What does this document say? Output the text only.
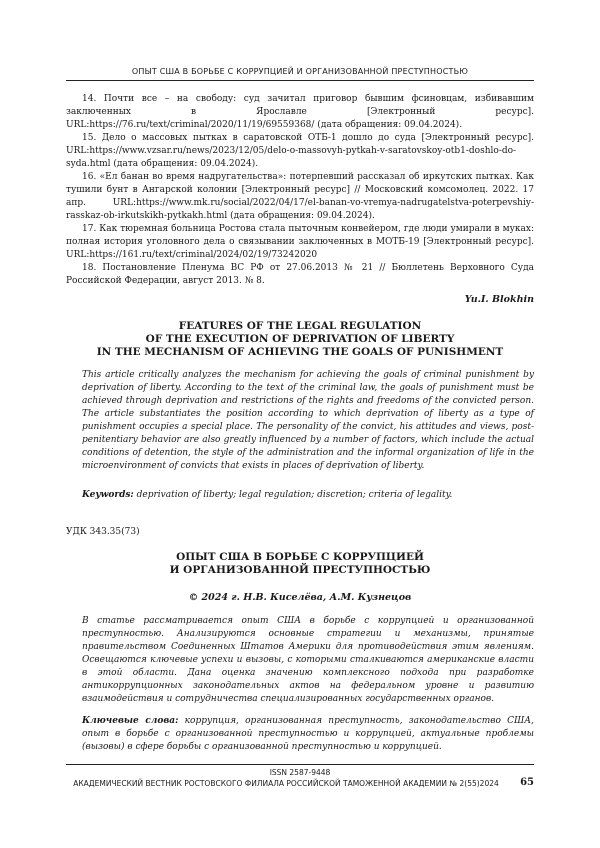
ОПЫТ США В БОРЬБЕ С КОРРУПЦИЕЙ И ОРГАНИЗОВАННОЙ ПРЕСТУПНОСТЬЮ

14. Почти все – на свободу: суд зачитал приговор бывшим фсиновцам, избивавшим заключенных в Ярославле [Электронный ресурс]. URL:https://76.ru/text/criminal/2020/11/19/69559368/ (дата обращения: 09.04.2024).

15. Дело о массовых пытках в саратовской ОТБ-1 дошло до суда [Электронный ресурс]. URL:https://www.vzsar.ru/news/2023/12/05/delo-o-massovyh-pytkah-v-saratovskoy-otb1-doshlo-do-syda.html (дата обращения: 09.04.2024).

16. «Ел банан во время надругательства»: потерпевший рассказал об иркутских пытках. Как тушили бунт в Ангарской колонии [Электронный ресурс] // Московский комсомолец. 2022. 17 апр. URL:https://www.mk.ru/social/2022/04/17/el-banan-vo-vremya-nadrugatelstva-poterpevshiy-rasskaz-ob-irkutskikh-pytkakh.html (дата обращения: 09.04.2024).

17. Как тюремная больница Ростова стала пыточным конвейером, где люди умирали в муках: полная история уголовного дела о связывании заключенных в МОТБ-19 [Электронный ресурс]. URL:https://161.ru/text/criminal/2024/02/19/73242020

18. Постановление Пленума ВС РФ от 27.06.2013 № 21 // Бюллетень Верховного Суда Российской Федерации, август 2013. № 8.

Yu.I. Blokhin
FEATURES OF THE LEGAL REGULATION
OF THE EXECUTION OF DEPRIVATION OF LIBERTY
IN THE MECHANISM OF ACHIEVING THE GOALS OF PUNISHMENT
This article critically analyzes the mechanism for achieving the goals of criminal punishment by deprivation of liberty. According to the text of the criminal law, the goals of punishment must be achieved through deprivation and restrictions of the rights and freedoms of the convicted person. The article substantiates the position according to which deprivation of liberty as a type of punishment occupies a special place. The personality of the convict, his attitudes and views, post-penitentiary behavior are also greatly influenced by a number of factors, which include the actual conditions of detention, the style of the administration and the informal organization of life in the microenvironment of convicts that exists in places of deprivation of liberty.
Keywords: deprivation of liberty; legal regulation; discretion; criteria of legality.
УДК 343.35(73)
ОПЫТ США В БОРЬБЕ С КОРРУПЦИЕЙ
И ОРГАНИЗОВАННОЙ ПРЕСТУПНОСТЬЮ
© 2024 г. Н.В. Киселёва, А.М. Кузнецов
В статье рассматривается опыт США в борьбе с коррупцией и организованной преступностью. Анализируются основные стратегии и механизмы, принятые правительством Соединенных Штатов Америки для противодействия этим явлениям. Освещаются ключевые успехи и вызовы, с которыми сталкиваются американские власти в этой области. Дана оценка значению комплексного подхода при разработке антикоррупционных законодательных актов на федеральном уровне и развитию взаимодействия и сотрудничества специализированных государственных органов.
Ключевые слова: коррупция, организованная преступность, законодательство США, опыт в борьбе с организованной преступностью и коррупцией, актуальные проблемы (вызовы) в сфере борьбы с организованной преступностью и коррупцией.
ISSN 2587-9448
АКАДЕМИЧЕСКИЙ ВЕСТНИК РОСТОВСКОГО ФИЛИАЛА РОССИЙСКОЙ ТАМОЖЕННОЙ АКАДЕМИИ № 2(55)2024	65
